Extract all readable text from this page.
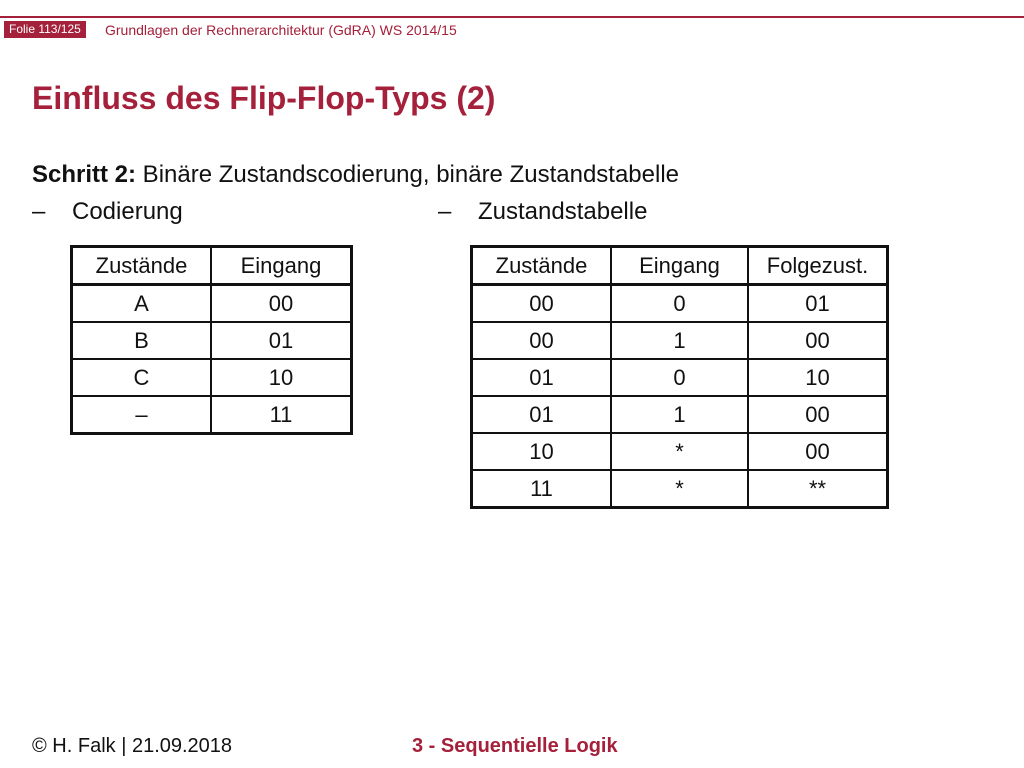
Folie 113/125	Grundlagen der Rechnerarchitektur (GdRA) WS 2014/15
Einfluss des Flip-Flop-Typs (2)
Schritt 2: Binäre Zustandscodierung, binäre Zustandstabelle
– Codierung	– Zustandstabelle
Zustände	Eingang
A	00
B	01
C	10
–	11
Zustände	Eingang	Folgezust.
00	0	01
00	1	00
01	0	10
01	1	00
10	*	00
11	*	**
© H. Falk | 21.09.2018	3 - Sequentielle Logik
